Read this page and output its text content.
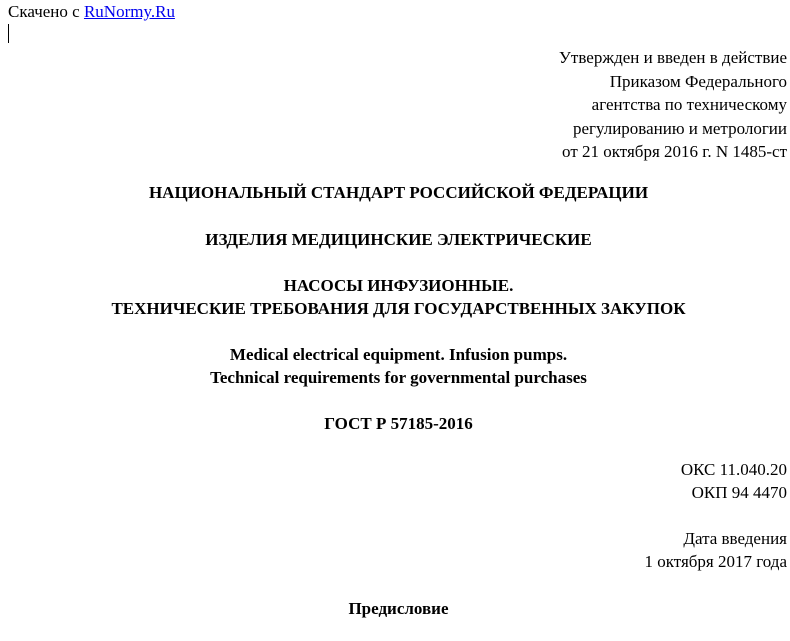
Скачено с RuNormy.Ru
Утвержден и введен в действие
Приказом Федерального
агентства по техническому
регулированию и метрологии
от 21 октября 2016 г. N 1485-ст
НАЦИОНАЛЬНЫЙ СТАНДАРТ РОССИЙСКОЙ ФЕДЕРАЦИИ
ИЗДЕЛИЯ МЕДИЦИНСКИЕ ЭЛЕКТРИЧЕСКИЕ
НАСОСЫ ИНФУЗИОННЫЕ.
ТЕХНИЧЕСКИЕ ТРЕБОВАНИЯ ДЛЯ ГОСУДАРСТВЕННЫХ ЗАКУПОК
Medical electrical equipment. Infusion pumps.
Technical requirements for governmental purchases
ГОСТ Р 57185-2016
ОКС 11.040.20
ОКП 94 4470
Дата введения
1 октября 2017 года
Предисловие
